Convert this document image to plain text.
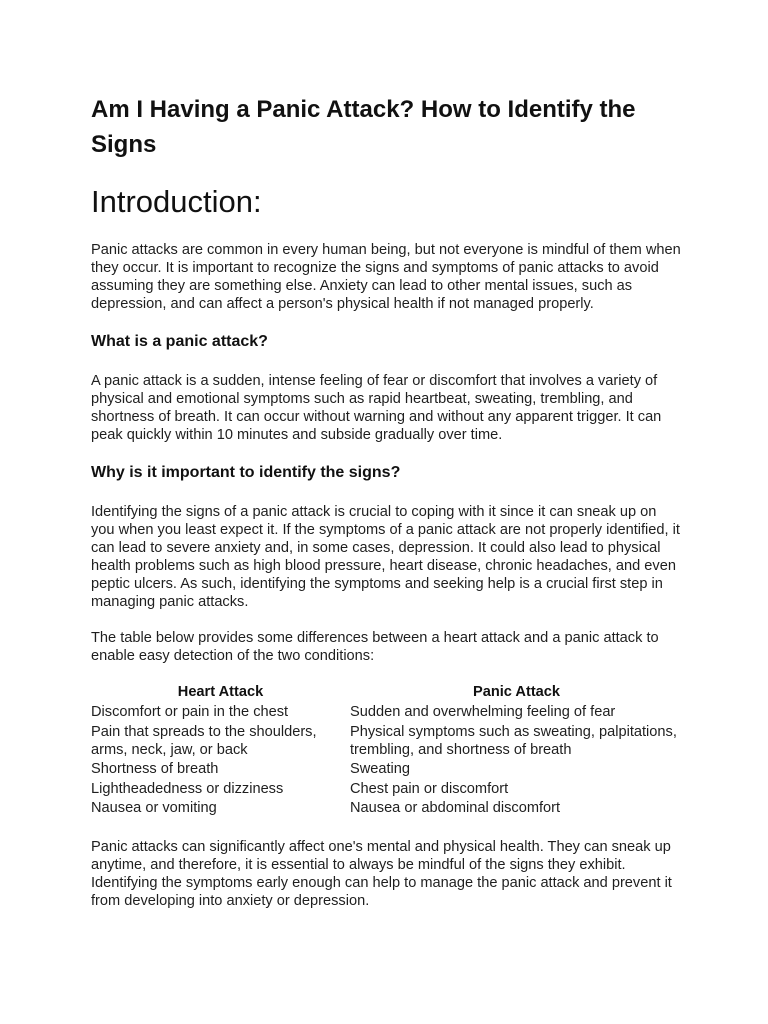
Am I Having a Panic Attack? How to Identify the Signs
Introduction:

Panic attacks are common in every human being, but not everyone is mindful of them when they occur. It is important to recognize the signs and symptoms of panic attacks to avoid assuming they are something else. Anxiety can lead to other mental issues, such as depression, and can affect a person's physical health if not managed properly.

What is a panic attack?

A panic attack is a sudden, intense feeling of fear or discomfort that involves a variety of physical and emotional symptoms such as rapid heartbeat, sweating, trembling, and shortness of breath. It can occur without warning and without any apparent trigger. It can peak quickly within 10 minutes and subside gradually over time.

Why is it important to identify the signs?

Identifying the signs of a panic attack is crucial to coping with it since it can sneak up on you when you least expect it. If the symptoms of a panic attack are not properly identified, it can lead to severe anxiety and, in some cases, depression. It could also lead to physical health problems such as high blood pressure, heart disease, chronic headaches, and even peptic ulcers. As such, identifying the symptoms and seeking help is a crucial first step in managing panic attacks.

The table below provides some differences between a heart attack and a panic attack to enable easy detection of the two conditions:

Heart Attack	Panic Attack
Discomfort or pain in the chest	Sudden and overwhelming feeling of fear
Pain that spreads to the shoulders, arms, neck, jaw, or back	Physical symptoms such as sweating, palpitations, trembling, and shortness of breath
Shortness of breath	Sweating
Lightheadedness or dizziness	Chest pain or discomfort
Nausea or vomiting	Nausea or abdominal discomfort

Panic attacks can significantly affect one's mental and physical health. They can sneak up anytime, and therefore, it is essential to always be mindful of the signs they exhibit. Identifying the symptoms early enough can help to manage the panic attack and prevent it from developing into anxiety or depression.
